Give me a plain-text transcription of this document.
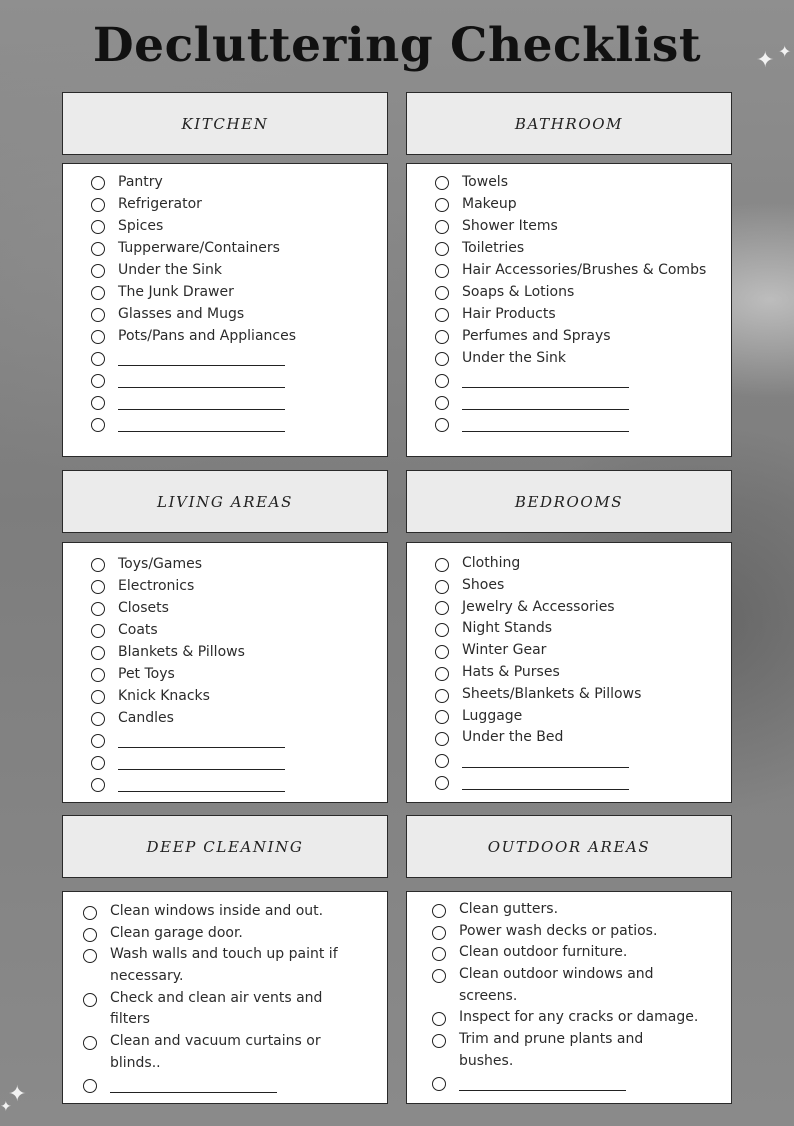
Decluttering Checklist	✦ ✦
✦
✦
KITCHEN
Pantry
Refrigerator
Spices
Tupperware/Containers
Under the Sink
The Junk Drawer
Glasses and Mugs
Pots/Pans and Appliances
BATHROOM
Towels
Makeup
Shower Items
Toiletries
Hair Accessories/Brushes & Combs
Soaps & Lotions
Hair Products
Perfumes and Sprays
Under the Sink
LIVING AREAS
Toys/Games
Electronics
Closets
Coats
Blankets & Pillows
Pet Toys
Knick Knacks
Candles
BEDROOMS
Clothing
Shoes
Jewelry & Accessories
Night Stands
Winter Gear
Hats & Purses
Sheets/Blankets & Pillows
Luggage
Under the Bed
DEEP CLEANING
Clean windows inside and out.
Clean garage door.
Wash walls and touch up paint if
necessary.
Check and clean air vents and
filters
Clean and vacuum curtains or
blinds..
OUTDOOR AREAS
Clean gutters.
Power wash decks or patios.
Clean outdoor furniture.
Clean outdoor windows and
screens.
Inspect for any cracks or damage.
Trim and prune plants and
bushes.
